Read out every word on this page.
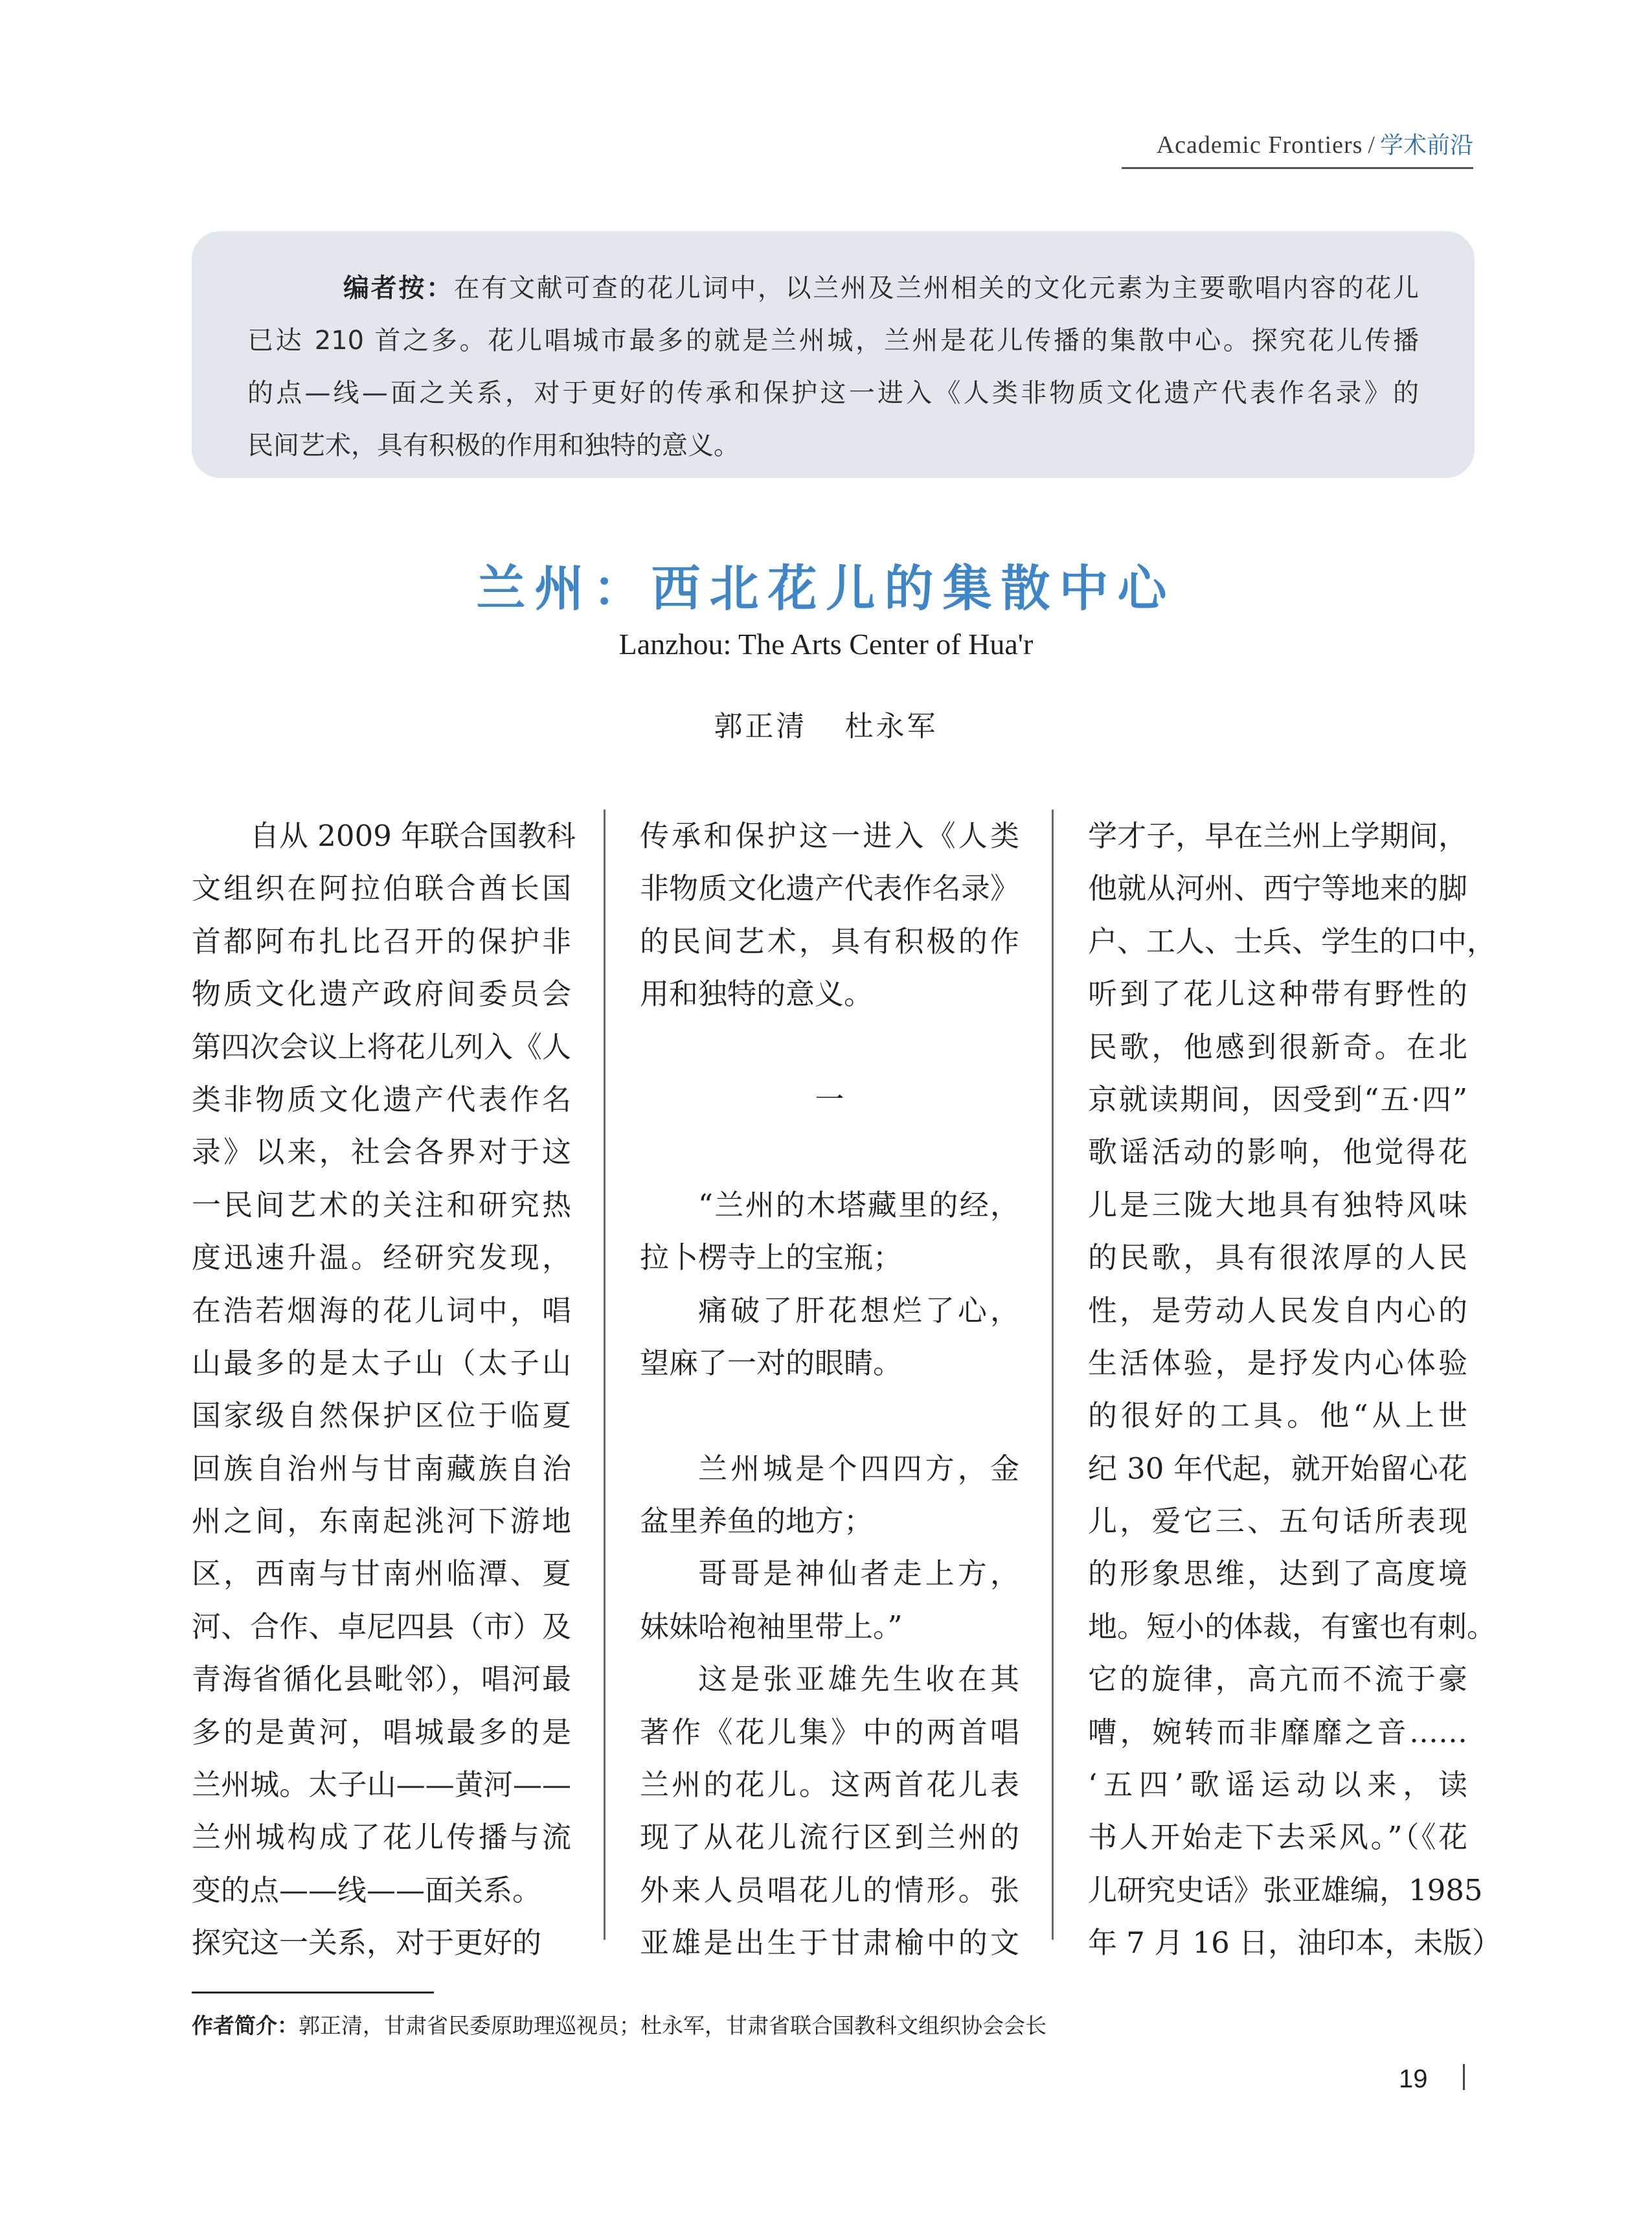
Academic Frontiers / 学术前沿
编者按：在有文献可查的花儿词中，以兰州及兰州相关的文化元素为主要歌唱内容的花儿
已达 210 首之多。花儿唱城市最多的就是兰州城，兰州是花儿传播的集散中心。探究花儿传播
的点—线—面之关系，对于更好的传承和保护这一进入《人类非物质文化遗产代表作名录》的
民间艺术，具有积极的作用和独特的意义。
兰州：西北花儿的集散中心
Lanzhou: The Arts Center of Hua'r
郭正清 杜永军
自从 2009 年联合国教科
文组织在阿拉伯联合酋长国
首都阿布扎比召开的保护非
物质文化遗产政府间委员会
第四次会议上将花儿列入《人
类非物质文化遗产代表作名
录》以来，社会各界对于这
一民间艺术的关注和研究热
度迅速升温。经研究发现，
在浩若烟海的花儿词中，唱
山最多的是太子山（太子山
国家级自然保护区位于临夏
回族自治州与甘南藏族自治
州之间，东南起洮河下游地
区，西南与甘南州临潭、夏
河、合作、卓尼四县（市）及
青海省循化县毗邻），唱河最
多的是黄河，唱城最多的是
兰州城。太子山——黄河——
兰州城构成了花儿传播与流
变的点——线——面关系。
探究这一关系，对于更好的
传承和保护这一进入《人类
非物质文化遗产代表作名录》
的民间艺术，具有积极的作
用和独特的意义。

一

“兰州的木塔藏里的经，
拉卜楞寺上的宝瓶；
痛破了肝花想烂了心，
望麻了一对的眼睛。

兰州城是个四四方，金
盆里养鱼的地方；
哥哥是神仙者走上方，
妹妹哈袍袖里带上。”
这是张亚雄先生收在其
著作《花儿集》中的两首唱
兰州的花儿。这两首花儿表
现了从花儿流行区到兰州的
外来人员唱花儿的情形。张
亚雄是出生于甘肃榆中的文
学才子，早在兰州上学期间，
他就从河州、西宁等地来的脚
户、工人、士兵、学生的口中，
听到了花儿这种带有野性的
民歌，他感到很新奇。在北
京就读期间，因受到“五·四”
歌谣活动的影响，他觉得花
儿是三陇大地具有独特风味
的民歌，具有很浓厚的人民
性，是劳动人民发自内心的
生活体验，是抒发内心体验
的很好的工具。他“从上世
纪 30 年代起，就开始留心花
儿，爱它三、五句话所表现
的形象思维，达到了高度境
地。短小的体裁，有蜜也有刺。
它的旋律，高亢而不流于豪
嘈，婉转而非靡靡之音……
‘五四’歌谣运动以来，读
书人开始走下去采风。”（《花
儿研究史话》张亚雄编，1985
年 7 月 16 日，油印本，未版）
作者简介：郭正清，甘肃省民委原助理巡视员；杜永军，甘肃省联合国教科文组织协会会长
19
